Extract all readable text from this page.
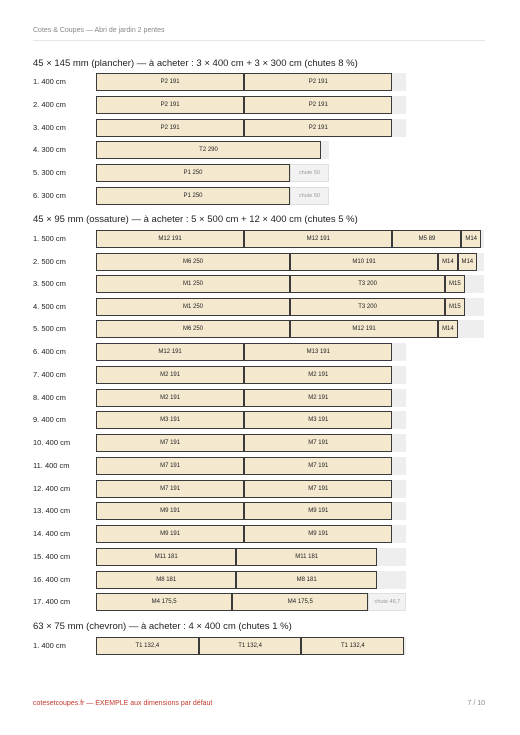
Cotes & Coupes — Abri de jardin 2 pentes
45 × 145 mm (plancher) — à acheter : 3 × 400 cm + 3 × 300 cm (chutes 8 %)
1. 400 cm	P2 191	P2 191
2. 400 cm	P2 191	P2 191
3. 400 cm	P2 191	P2 191
4. 300 cm	T2 290
5. 300 cm	P1 250	chute 50
6. 300 cm	P1 250	chute 50
45 × 95 mm (ossature) — à acheter : 5 × 500 cm + 12 × 400 cm (chutes 5 %)
1. 500 cm	M12 191	M12 191	M5 89	M14
2. 500 cm	M6 250	M10 191	M14	M14
3. 500 cm	M1 250	T3 200	M15
4. 500 cm	M1 250	T3 200	M15
5. 500 cm	M6 250	M12 191	M14
6. 400 cm	M12 191	M13 191
7. 400 cm	M2 191	M2 191
8. 400 cm	M2 191	M2 191
9. 400 cm	M3 191	M3 191
10. 400 cm	M7 191	M7 191
11. 400 cm	M7 191	M7 191
12. 400 cm	M7 191	M7 191
13. 400 cm	M9 191	M9 191
14. 400 cm	M9 191	M9 191
15. 400 cm	M11 181	M11 181
16. 400 cm	M8 181	M8 181
17. 400 cm	M4 175,5	M4 175,5	chute 46,7
63 × 75 mm (chevron) — à acheter : 4 × 400 cm (chutes 1 %)
1. 400 cm	T1 132,4	T1 132,4	T1 132,4
cotesetcoupes.fr — EXEMPLE aux dimensions par défaut	7 / 10
